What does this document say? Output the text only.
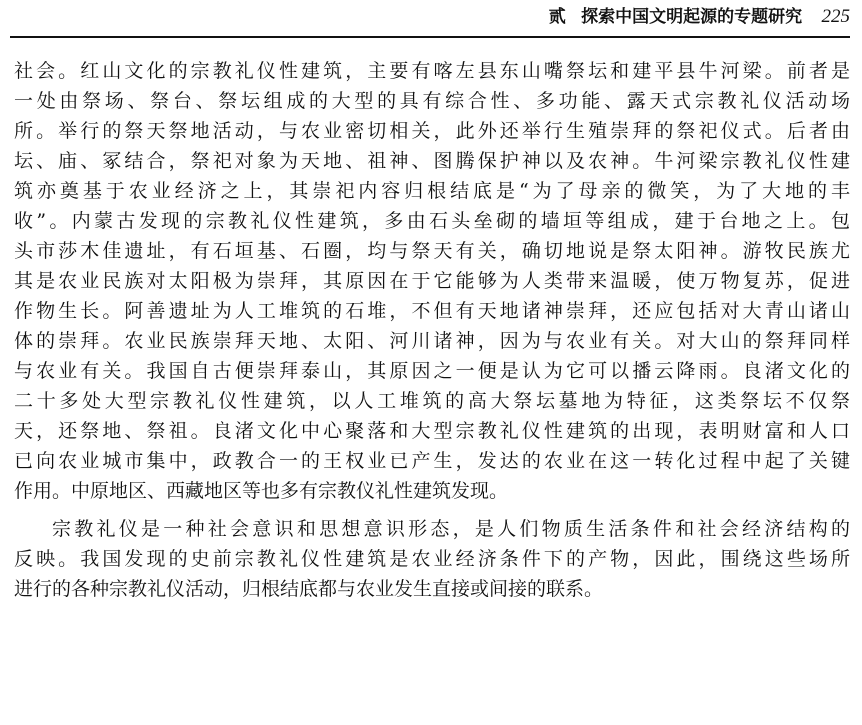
贰 探索中国文明起源的专题研究 225
社会。红山文化的宗教礼仪性建筑，主要有喀左县东山嘴祭坛和建平县牛河梁。前者是
一处由祭场、祭台、祭坛组成的大型的具有综合性、多功能、露天式宗教礼仪活动场
所。举行的祭天祭地活动，与农业密切相关，此外还举行生殖崇拜的祭祀仪式。后者由
坛、庙、冢结合，祭祀对象为天地、祖神、图腾保护神以及农神。牛河梁宗教礼仪性建
筑亦奠基于农业经济之上，其崇祀内容归根结底是“为了母亲的微笑，为了大地的丰
收”。内蒙古发现的宗教礼仪性建筑，多由石头垒砌的墙垣等组成，建于台地之上。包
头市莎木佳遗址，有石垣基、石圈，均与祭天有关，确切地说是祭太阳神。游牧民族尤
其是农业民族对太阳极为崇拜，其原因在于它能够为人类带来温暖，使万物复苏，促进
作物生长。阿善遗址为人工堆筑的石堆，不但有天地诸神崇拜，还应包括对大青山诸山
体的崇拜。农业民族崇拜天地、太阳、河川诸神，因为与农业有关。对大山的祭拜同样
与农业有关。我国自古便崇拜泰山，其原因之一便是认为它可以播云降雨。良渚文化的
二十多处大型宗教礼仪性建筑，以人工堆筑的高大祭坛墓地为特征，这类祭坛不仅祭
天，还祭地、祭祖。良渚文化中心聚落和大型宗教礼仪性建筑的出现，表明财富和人口
已向农业城市集中，政教合一的王权业已产生，发达的农业在这一转化过程中起了关键
作用。中原地区、西藏地区等也多有宗教仪礼性建筑发现。
宗教礼仪是一种社会意识和思想意识形态，是人们物质生活条件和社会经济结构的
反映。我国发现的史前宗教礼仪性建筑是农业经济条件下的产物，因此，围绕这些场所
进行的各种宗教礼仪活动，归根结底都与农业发生直接或间接的联系。
